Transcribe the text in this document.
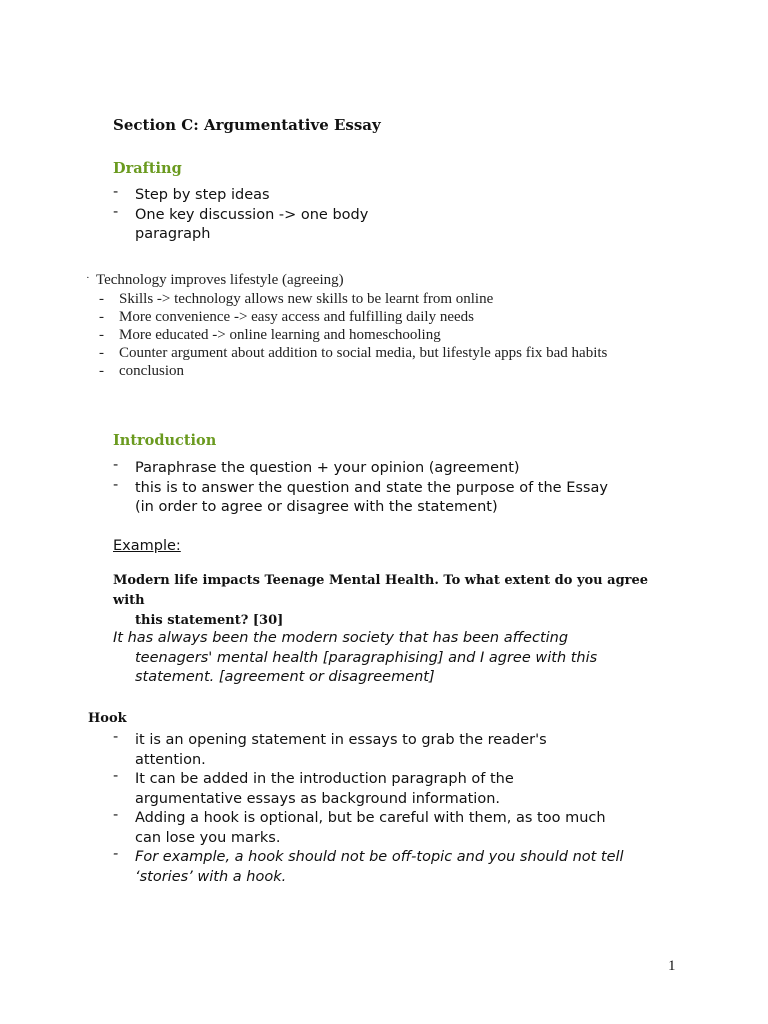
Section C: Argumentative Essay
Drafting
- Step by step ideas
- One key discussion -> one body
paragraph
· Technology improves lifestyle (agreeing)
- Skills -> technology allows new skills to be learnt from online
- More convenience -> easy access and fulfilling daily needs
- More educated -> online learning and homeschooling
- Counter argument about addition to social media, but lifestyle apps fix bad habits
- conclusion
Introduction
- Paraphrase the question + your opinion (agreement)
- this is to answer the question and state the purpose of the Essay
(in order to agree or disagree with the statement)
Example:
Modern life impacts Teenage Mental Health. To what extent do you agree with
this statement? [30]
It has always been the modern society that has been affecting
teenagers' mental health [paragraphising] and I agree with this
statement. [agreement or disagreement]
Hook
- it is an opening statement in essays to grab the reader's
attention.
- It can be added in the introduction paragraph of the
argumentative essays as background information.
- Adding a hook is optional, but be careful with them, as too much
can lose you marks.
- For example, a hook should not be off-topic and you should not tell
‘stories’ with a hook.
1
